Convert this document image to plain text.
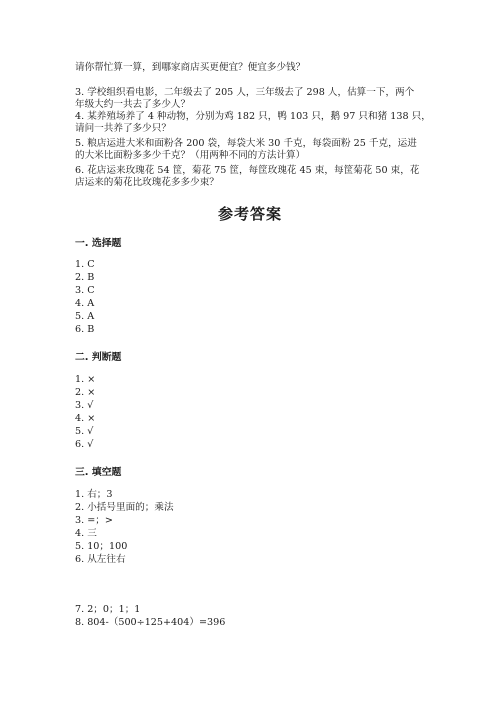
请你帮忙算一算，到哪家商店买更便宜？便宜多少钱？
3. 学校组织看电影，二年级去了 205 人，三年级去了 298 人，估算一下，两个
年级大约一共去了多少人？
4. 某养殖场养了 4 种动物，分别为鸡 182 只，鸭 103 只，鹅 97 只和猪 138 只，
请问一共养了多少只？
5. 粮店运进大米和面粉各 200 袋，每袋大米 30 千克，每袋面粉 25 千克，运进
的大米比面粉多多少千克？（用两种不同的方法计算）
6. 花店运来玫瑰花 54 筐，菊花 75 筐，每筐玫瑰花 45 束，每筐菊花 50 束，花
店运来的菊花比玫瑰花多多少束？
参考答案
一. 选择题
1. C
2. B
3. C
4. A
5. A
6. B
二. 判断题
1. ×
2. ×
3. √
4. ×
5. √
6. √
三. 填空题
1. 右；3
2. 小括号里面的；乘法
3. =；>
4. 三
5. 10；100
6. 从左往右
7. 2；0；1；1
8. 804-（500÷125+404）=396
